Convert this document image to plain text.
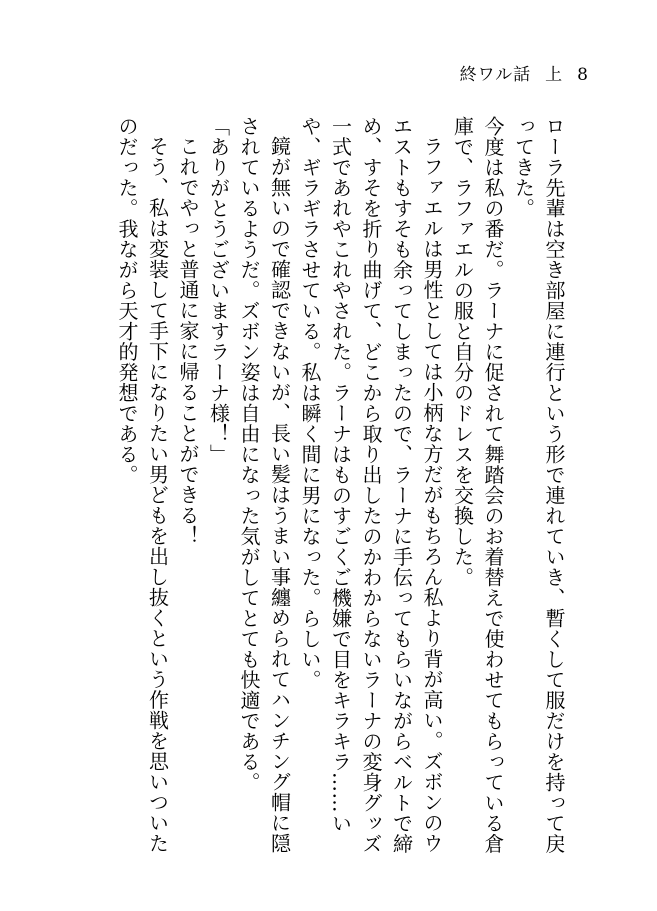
終ワル話 上 8

ローラ先輩は空き部屋に連行という形で連れていき、暫くして服だけを持って戻ってきた。

今度は私の番だ。ラーナに促されて舞踏会のお着替えで使わせてもらっている倉庫で、ラファエルの服と自分のドレスを交換した。

ラファエルは男性としては小柄な方だがもちろん私より背が高い。ズボンのウエストもすそも余ってしまったので、ラーナに手伝ってもらいながらベルトで締め、すそを折り曲げて、どこから取り出したのかわからないラーナの変身グッズ一式であれやこれやされた。ラーナはものすごくご機嫌で目をキラキラ……いや、ギラギラさせている。私は瞬く間に男になった。らしい。

鏡が無いので確認できないが、長い髪はうまい事纏められてハンチング帽に隠されているようだ。ズボン姿は自由になった気がしてとても快適である。

「ありがとうございますラーナ様！」

これでやっと普通に家に帰ることができる！

そう、私は変装して手下になりたい男どもを出し抜くという作戦を思いついたのだった。我ながら天才的発想である。
